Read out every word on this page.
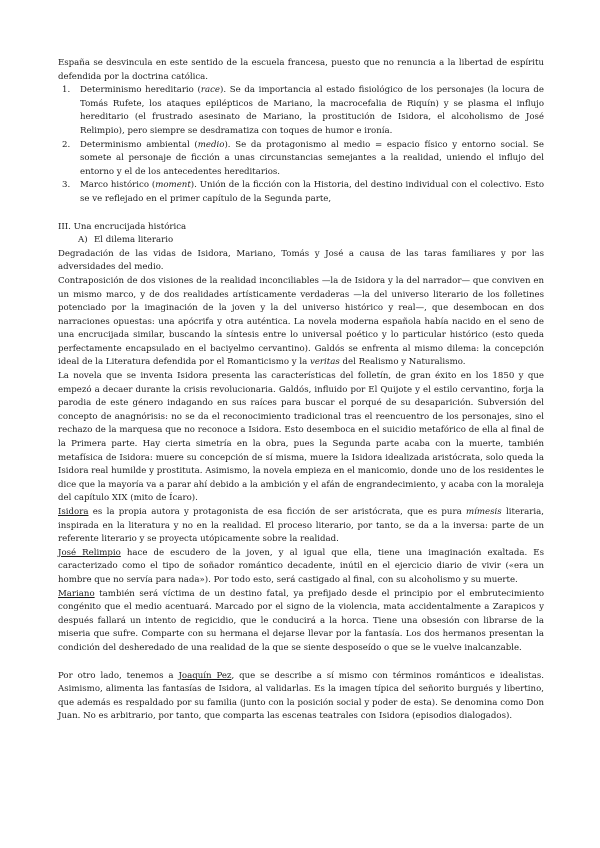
España se desvincula en este sentido de la escuela francesa, puesto que no renuncia a la libertad de espíritu defendida por la doctrina católica.

1. Determinismo hereditario (race). Se da importancia al estado fisiológico de los personajes (la locura de Tomás Rufete, los ataques epilépticos de Mariano, la macrocefalia de Riquín) y se plasma el influjo hereditario (el frustrado asesinato de Mariano, la prostitución de Isidora, el alcoholismo de José Relimpio), pero siempre se desdramatiza con toques de humor e ironía.
2. Determinismo ambiental (medio). Se da protagonismo al medio = espacio físico y entorno social. Se somete al personaje de ficción a unas circunstancias semejantes a la realidad, uniendo el influjo del entorno y el de los antecedentes hereditarios.
3. Marco histórico (moment). Unión de la ficción con la Historia, del destino individual con el colectivo. Esto se ve reflejado en el primer capítulo de la Segunda parte,

III. Una encrucijada histórica

A) El dilema literario

Degradación de las vidas de Isidora, Mariano, Tomás y José a causa de las taras familiares y por las adversidades del medio.

Contraposición de dos visiones de la realidad inconciliables —la de Isidora y la del narrador— que conviven en un mismo marco, y de dos realidades artísticamente verdaderas —la del universo literario de los folletines potenciado por la imaginación de la joven y la del universo histórico y real—, que desembocan en dos narraciones opuestas: una apócrifa y otra auténtica. La novela moderna española había nacido en el seno de una encrucijada similar, buscando la síntesis entre lo universal poético y lo particular histórico (esto queda perfectamente encapsulado en el baciyelmo cervantino). Galdós se enfrenta al mismo dilema: la concepción ideal de la Literatura defendida por el Romanticismo y la veritas del Realismo y Naturalismo.

La novela que se inventa Isidora presenta las características del folletín, de gran éxito en los 1850 y que empezó a decaer durante la crisis revolucionaria. Galdós, influido por El Quijote y el estilo cervantino, forja la parodia de este género indagando en sus raíces para buscar el porqué de su desaparición. Subversión del concepto de anagnórisis: no se da el reconocimiento tradicional tras el reencuentro de los personajes, sino el rechazo de la marquesa que no reconoce a Isidora. Esto desemboca en el suicidio metafórico de ella al final de la Primera parte. Hay cierta simetría en la obra, pues la Segunda parte acaba con la muerte, también metafísica de Isidora: muere su concepción de sí misma, muere la Isidora idealizada aristócrata, solo queda la Isidora real humilde y prostituta. Asimismo, la novela empieza en el manicomio, donde uno de los residentes le dice que la mayoría va a parar ahí debido a la ambición y el afán de engrandecimiento, y acaba con la moraleja del capítulo XIX (mito de Ícaro).

Isidora es la propia autora y protagonista de esa ficción de ser aristócrata, que es pura mímesis literaria, inspirada en la literatura y no en la realidad. El proceso literario, por tanto, se da a la inversa: parte de un referente literario y se proyecta utópicamente sobre la realidad.

José Relimpio hace de escudero de la joven, y al igual que ella, tiene una imaginación exaltada. Es caracterizado como el tipo de soñador romántico decadente, inútil en el ejercicio diario de vivir («era un hombre que no servía para nada»). Por todo esto, será castigado al final, con su alcoholismo y su muerte.

Mariano también será víctima de un destino fatal, ya prefijado desde el principio por el embrutecimiento congénito que el medio acentuará. Marcado por el signo de la violencia, mata accidentalmente a Zarapicos y después fallará un intento de regicidio, que le conducirá a la horca. Tiene una obsesión con librarse de la miseria que sufre. Comparte con su hermana el dejarse llevar por la fantasía. Los dos hermanos presentan la condición del desheredado de una realidad de la que se siente desposeído o que se le vuelve inalcanzable.

Por otro lado, tenemos a Joaquín Pez, que se describe a sí mismo con términos románticos e idealistas. Asimismo, alimenta las fantasías de Isidora, al validarlas. Es la imagen típica del señorito burgués y libertino, que además es respaldado por su familia (junto con la posición social y poder de esta). Se denomina como Don Juan. No es arbitrario, por tanto, que comparta las escenas teatrales con Isidora (episodios dialogados).
